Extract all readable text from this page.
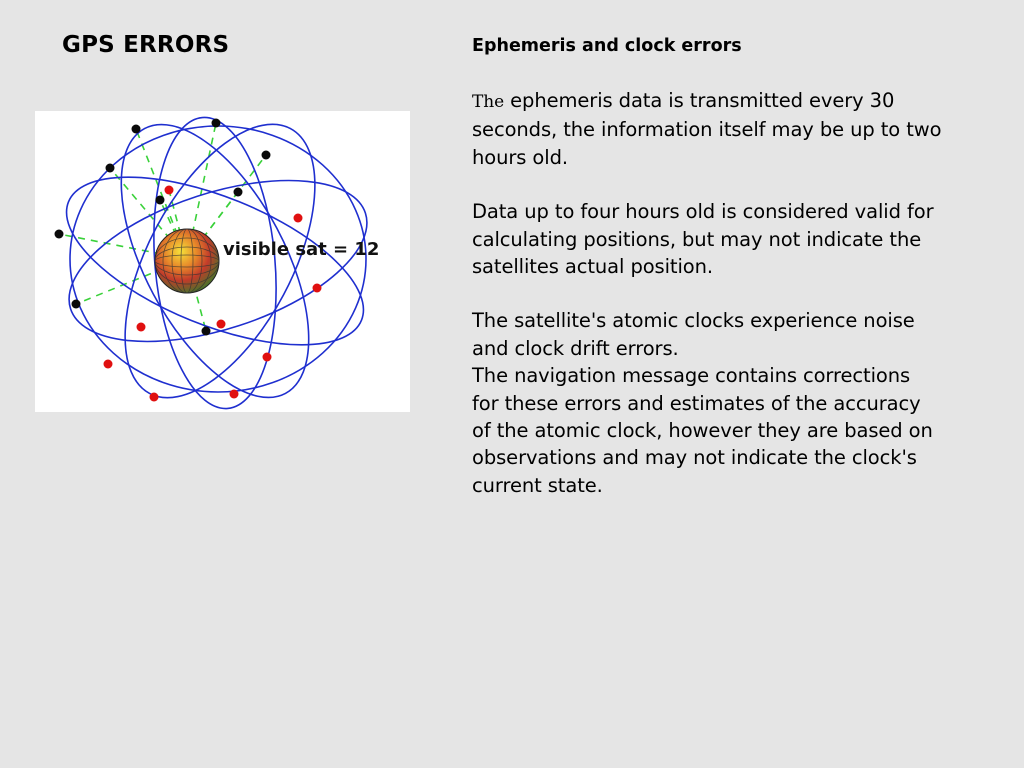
GPS ERRORS
visible sat = 12
Ephemeris and clock errors

The ephemeris data is transmitted every 30 seconds, the information itself may be up to two hours old.

Data up to four hours old is considered valid for calculating positions, but may not indicate the satellites actual position.

The satellite's atomic clocks experience noise and clock drift errors.

The navigation message contains corrections for these errors and estimates of the accuracy of the atomic clock, however they are based on observations and may not indicate the clock's current state.
